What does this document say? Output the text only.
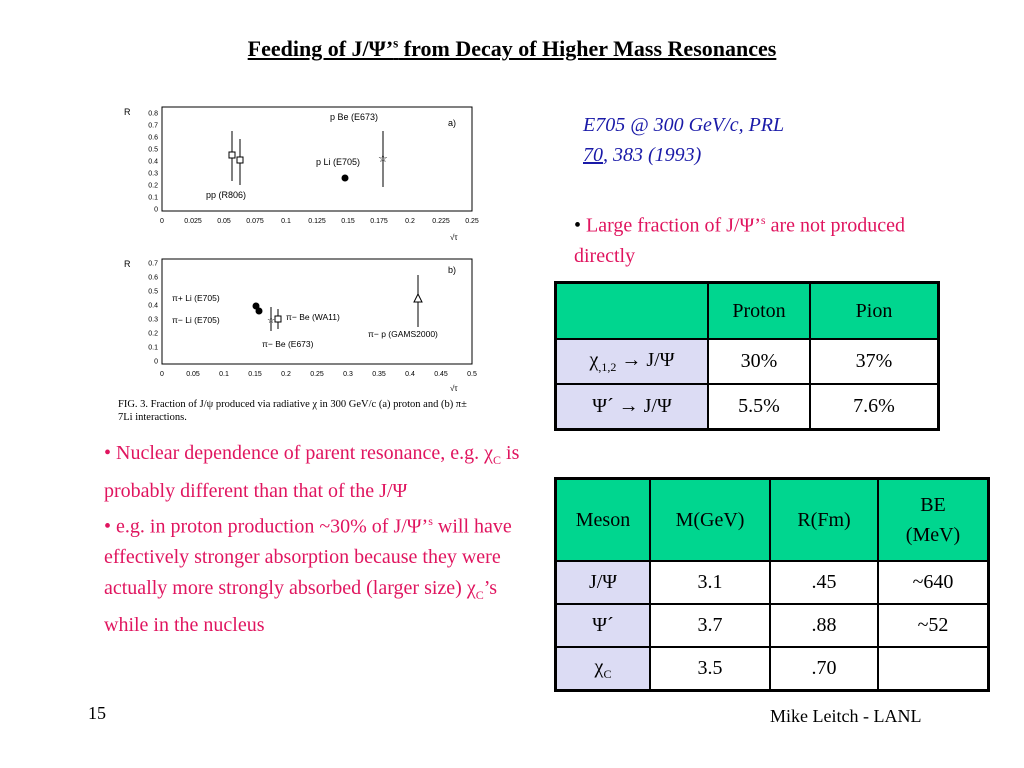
Feeding of J/Ψ’$^s$ from Decay of Higher Mass Resonances
E705 @ 300 GeV/c, PRL
70, 383 (1993)
• Large fraction of J/Ψ’$^s$ are not produced directly
• Nuclear dependence of parent resonance, e.g. $\chi_C$ is probably different than that of the J/Ψ
• e.g. in proton production ~30% of J/Ψ’$^s$ will have effectively stronger absorption because they were actually more strongly absorbed (larger size) $\chi_C’s$ while in the nucleus
	Proton	Pion
$\chi_{,1,2} \to J/\Psi$	30%	37%
Ψ´ → J/Ψ	5.5%	7.6%
Meson	M(GeV)	R(Fm)	BE (MeV)
J/Ψ	3.1	.45	~640
Ψ´	3.7	.88	~52
$\chi_C$	3.5	.70	
R	0.8
0.7
0.6
0.5
0.4
0.3
0.2
0.1
0
0	0.025 0.05 0.075 0.1 0.125 0.15 0.175 0.2 0.225 0.25
a)
p Be (E673)
p Li (E705)
pp (R806)
√τ
☆
R	0.7
0.6
0.5
0.4
0.3
0.2
0.1
0
0	0.05	0.1	0.15	0.2	0.25	0.3	0.35	0.4	0.45	0.5
b)
π+ Li (E705)
π− Li (E705)	π− Be (WA11)
π− p (GAMS2000)
π− Be (E673)
√τ
☆
FIG. 3. Fraction of J/ψ produced via radiative χ in 300 GeV/c (a) proton and (b) π± 7Li interactions.
15	Mike Leitch - LANL
